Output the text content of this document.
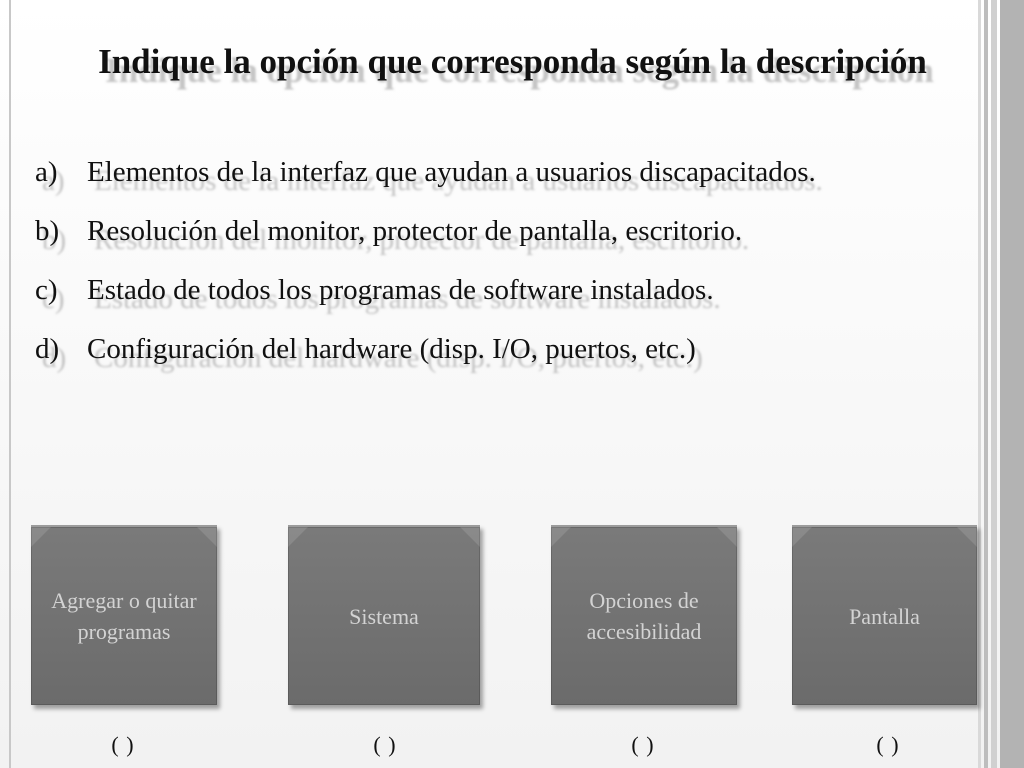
Indique la opción que corresponda según la descripción
a) Elementos de la interfaz que ayudan a usuarios discapacitados.
b) Resolución del monitor, protector de pantalla, escritorio.
c) Estado de todos los programas de software instalados.
d) Configuración del hardware (disp. I/O, puertos, etc.)
Agregar o quitar programas
Sistema
Opciones de accesibilidad
Pantalla
( )	( )	( )	( )
